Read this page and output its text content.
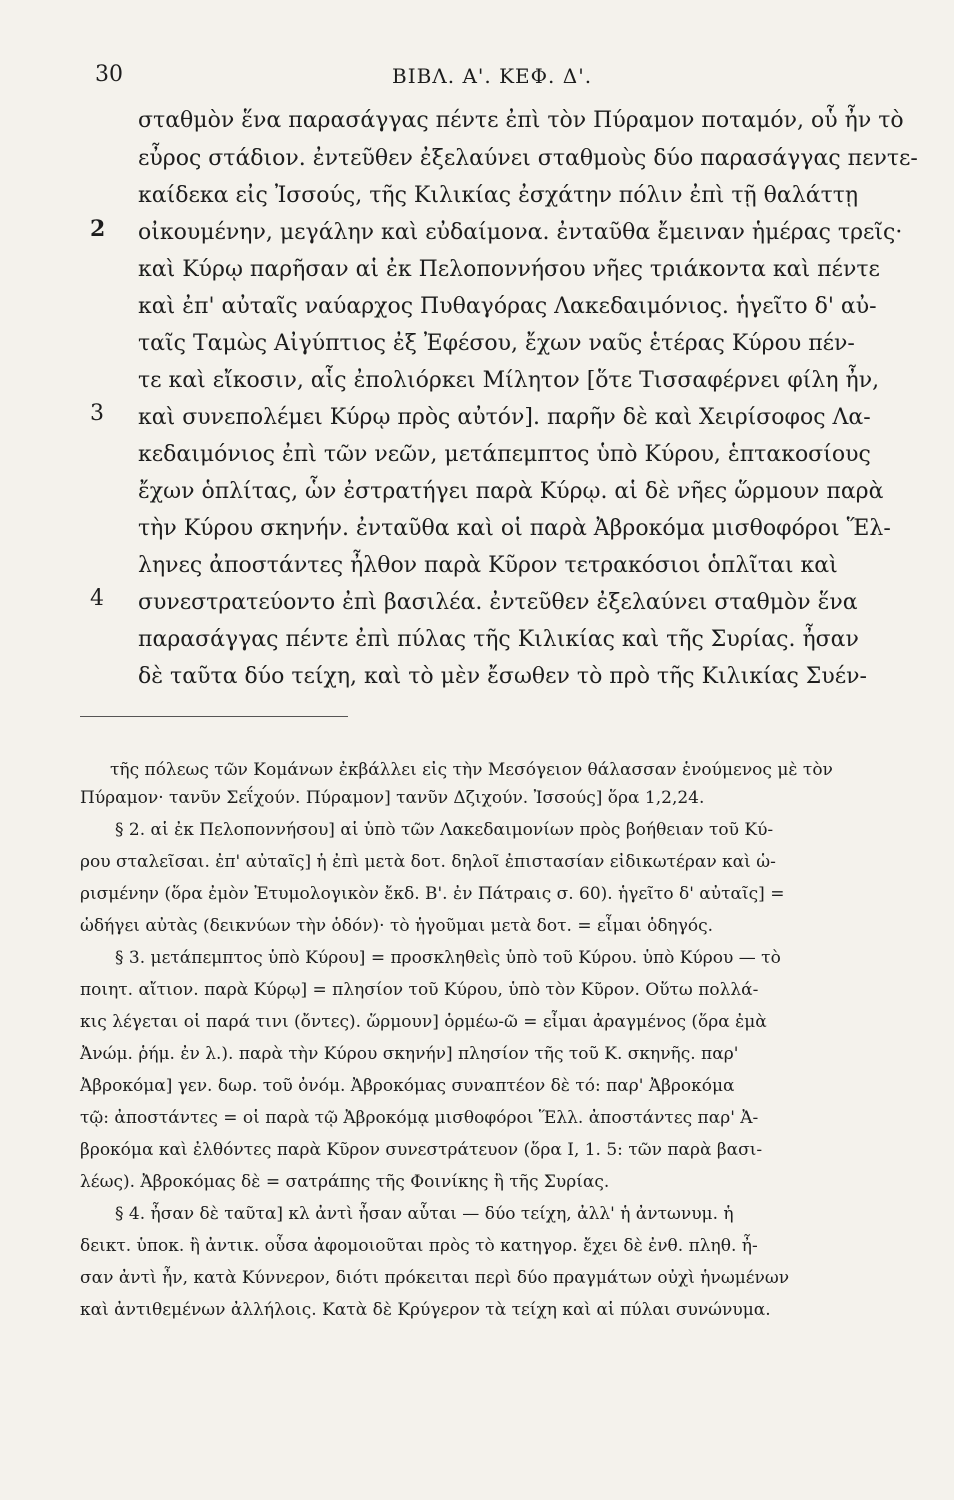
30	ΒΙΒΛ. Α'. ΚΕΦ. Δ'.
σταθμὸν ἕνα παρασάγγας πέντε ἐπὶ τὸν Πύραμον ποταμόν, οὗ ἦν τὸ
εὖρος στάδιον. ἐντεῦθεν ἐξελαύνει σταθμοὺς δύο παρασάγγας πεντε-
καίδεκα εἰς Ἰσσούς, τῆς Κιλικίας ἐσχάτην πόλιν ἐπὶ τῇ θαλάττῃ
οἰκουμένην, μεγάλην καὶ εὐδαίμονα. ἐνταῦθα ἔμειναν ἡμέρας τρεῖς·
καὶ Κύρῳ παρῆσαν αἱ ἐκ Πελοποννήσου νῆες τριάκοντα καὶ πέντε
καὶ ἐπ' αὐταῖς ναύαρχος Πυθαγόρας Λακεδαιμόνιος. ἡγεῖτο δ' αὐ-
ταῖς Ταμὼς Αἰγύπτιος ἐξ Ἐφέσου, ἔχων ναῦς ἑτέρας Κύρου πέν-
τε καὶ εἴκοσιν, αἷς ἐπολιόρκει Μίλητον [ὅτε Τισσαφέρνει φίλη ἦν,
καὶ συνεπολέμει Κύρῳ πρὸς αὐτόν]. παρῆν δὲ καὶ Χειρίσοφος Λα-
κεδαιμόνιος ἐπὶ τῶν νεῶν, μετάπεμπτος ὑπὸ Κύρου, ἑπτακοσίους
ἔχων ὁπλίτας, ὧν ἐστρατήγει παρὰ Κύρῳ. αἱ δὲ νῆες ὥρμουν παρὰ
τὴν Κύρου σκηνήν. ἐνταῦθα καὶ οἱ παρὰ Ἀβροκόμα μισθοφόροι Ἕλ-
ληνες ἀποστάντες ἦλθον παρὰ Κῦρον τετρακόσιοι ὁπλῖται καὶ
συνεστρατεύοντο ἐπὶ βασιλέα. ἐντεῦθεν ἐξελαύνει σταθμὸν ἕνα
παρασάγγας πέντε ἐπὶ πύλας τῆς Κιλικίας καὶ τῆς Συρίας. ἦσαν
δὲ ταῦτα δύο τείχη, καὶ τὸ μὲν ἔσωθεν τὸ πρὸ τῆς Κιλικίας Συέν-
2
3
4
τῆς πόλεως τῶν Κομάνων ἐκβάλλει εἰς τὴν Μεσόγειον θάλασσαν ἑνούμενος μὲ τὸν
Πύραμον· τανῦν Σεΐχούν. Πύραμον] τανῦν Δζιχούν. Ἰσσούς] ὅρα 1,2,24.
§ 2. αἱ ἐκ Πελοποννήσου] αἱ ὑπὸ τῶν Λακεδαιμονίων πρὸς βοήθειαν τοῦ Κύ-
ρου σταλεῖσαι. ἐπ' αὐταῖς] ἡ ἐπὶ μετὰ δοτ. δηλοῖ ἐπιστασίαν εἰδικωτέραν καὶ ὡ-
ρισμένην (ὅρα ἐμὸν Ἐτυμολογικὸν ἔκδ. Β'. ἐν Πάτραις σ. 60). ἡγεῖτο δ' αὐταῖς] =
ὡδήγει αὐτὰς (δεικνύων τὴν ὁδόν)· τὸ ἡγοῦμαι μετὰ δοτ. = εἶμαι ὁδηγός.
§ 3. μετάπεμπτος ὑπὸ Κύρου] = προσκληθεὶς ὑπὸ τοῦ Κύρου. ὑπὸ Κύρου — τὸ
ποιητ. αἴτιον. παρὰ Κύρῳ] = πλησίον τοῦ Κύρου, ὑπὸ τὸν Κῦρον. Οὕτω πολλά-
κις λέγεται οἱ παρά τινι (ὄντες). ὥρμουν] ὁρμέω-ῶ = εἶμαι ἀραγμένος (ὅρα ἐμὰ
Ἀνώμ. ῥήμ. ἐν λ.). παρὰ τὴν Κύρου σκηνήν] πλησίον τῆς τοῦ Κ. σκηνῆς. παρ'
Ἀβροκόμα] γεν. δωρ. τοῦ ὀνόμ. Ἀβροκόμας συναπτέον δὲ τό: παρ' Ἀβροκόμα
τῷ: ἀποστάντες = οἱ παρὰ τῷ Ἀβροκόμᾳ μισθοφόροι Ἕλλ. ἀποστάντες παρ' Ἀ-
βροκόμα καὶ ἐλθόντες παρὰ Κῦρον συνεστράτευον (ὅρα I, 1. 5: τῶν παρὰ βασι-
λέως). Ἀβροκόμας δὲ = σατράπης τῆς Φοινίκης ἢ τῆς Συρίας.
§ 4. ἦσαν δὲ ταῦτα] κλ ἀντὶ ἦσαν αὗται — δύο τείχη, ἀλλ' ἡ ἀντωνυμ. ἡ
δεικτ. ὑποκ. ἢ ἀντικ. οὖσα ἀφομοιοῦται πρὸς τὸ κατηγορ. ἔχει δὲ ἐνθ. πληθ. ἦ-
σαν ἀντὶ ἦν, κατὰ Κύννερον, διότι πρόκειται περὶ δύο πραγμάτων οὐχὶ ἡνωμένων
καὶ ἀντιθεμένων ἀλλήλοις. Κατὰ δὲ Κρύγερον τὰ τείχη καὶ αἱ πύλαι συνώνυμα.
